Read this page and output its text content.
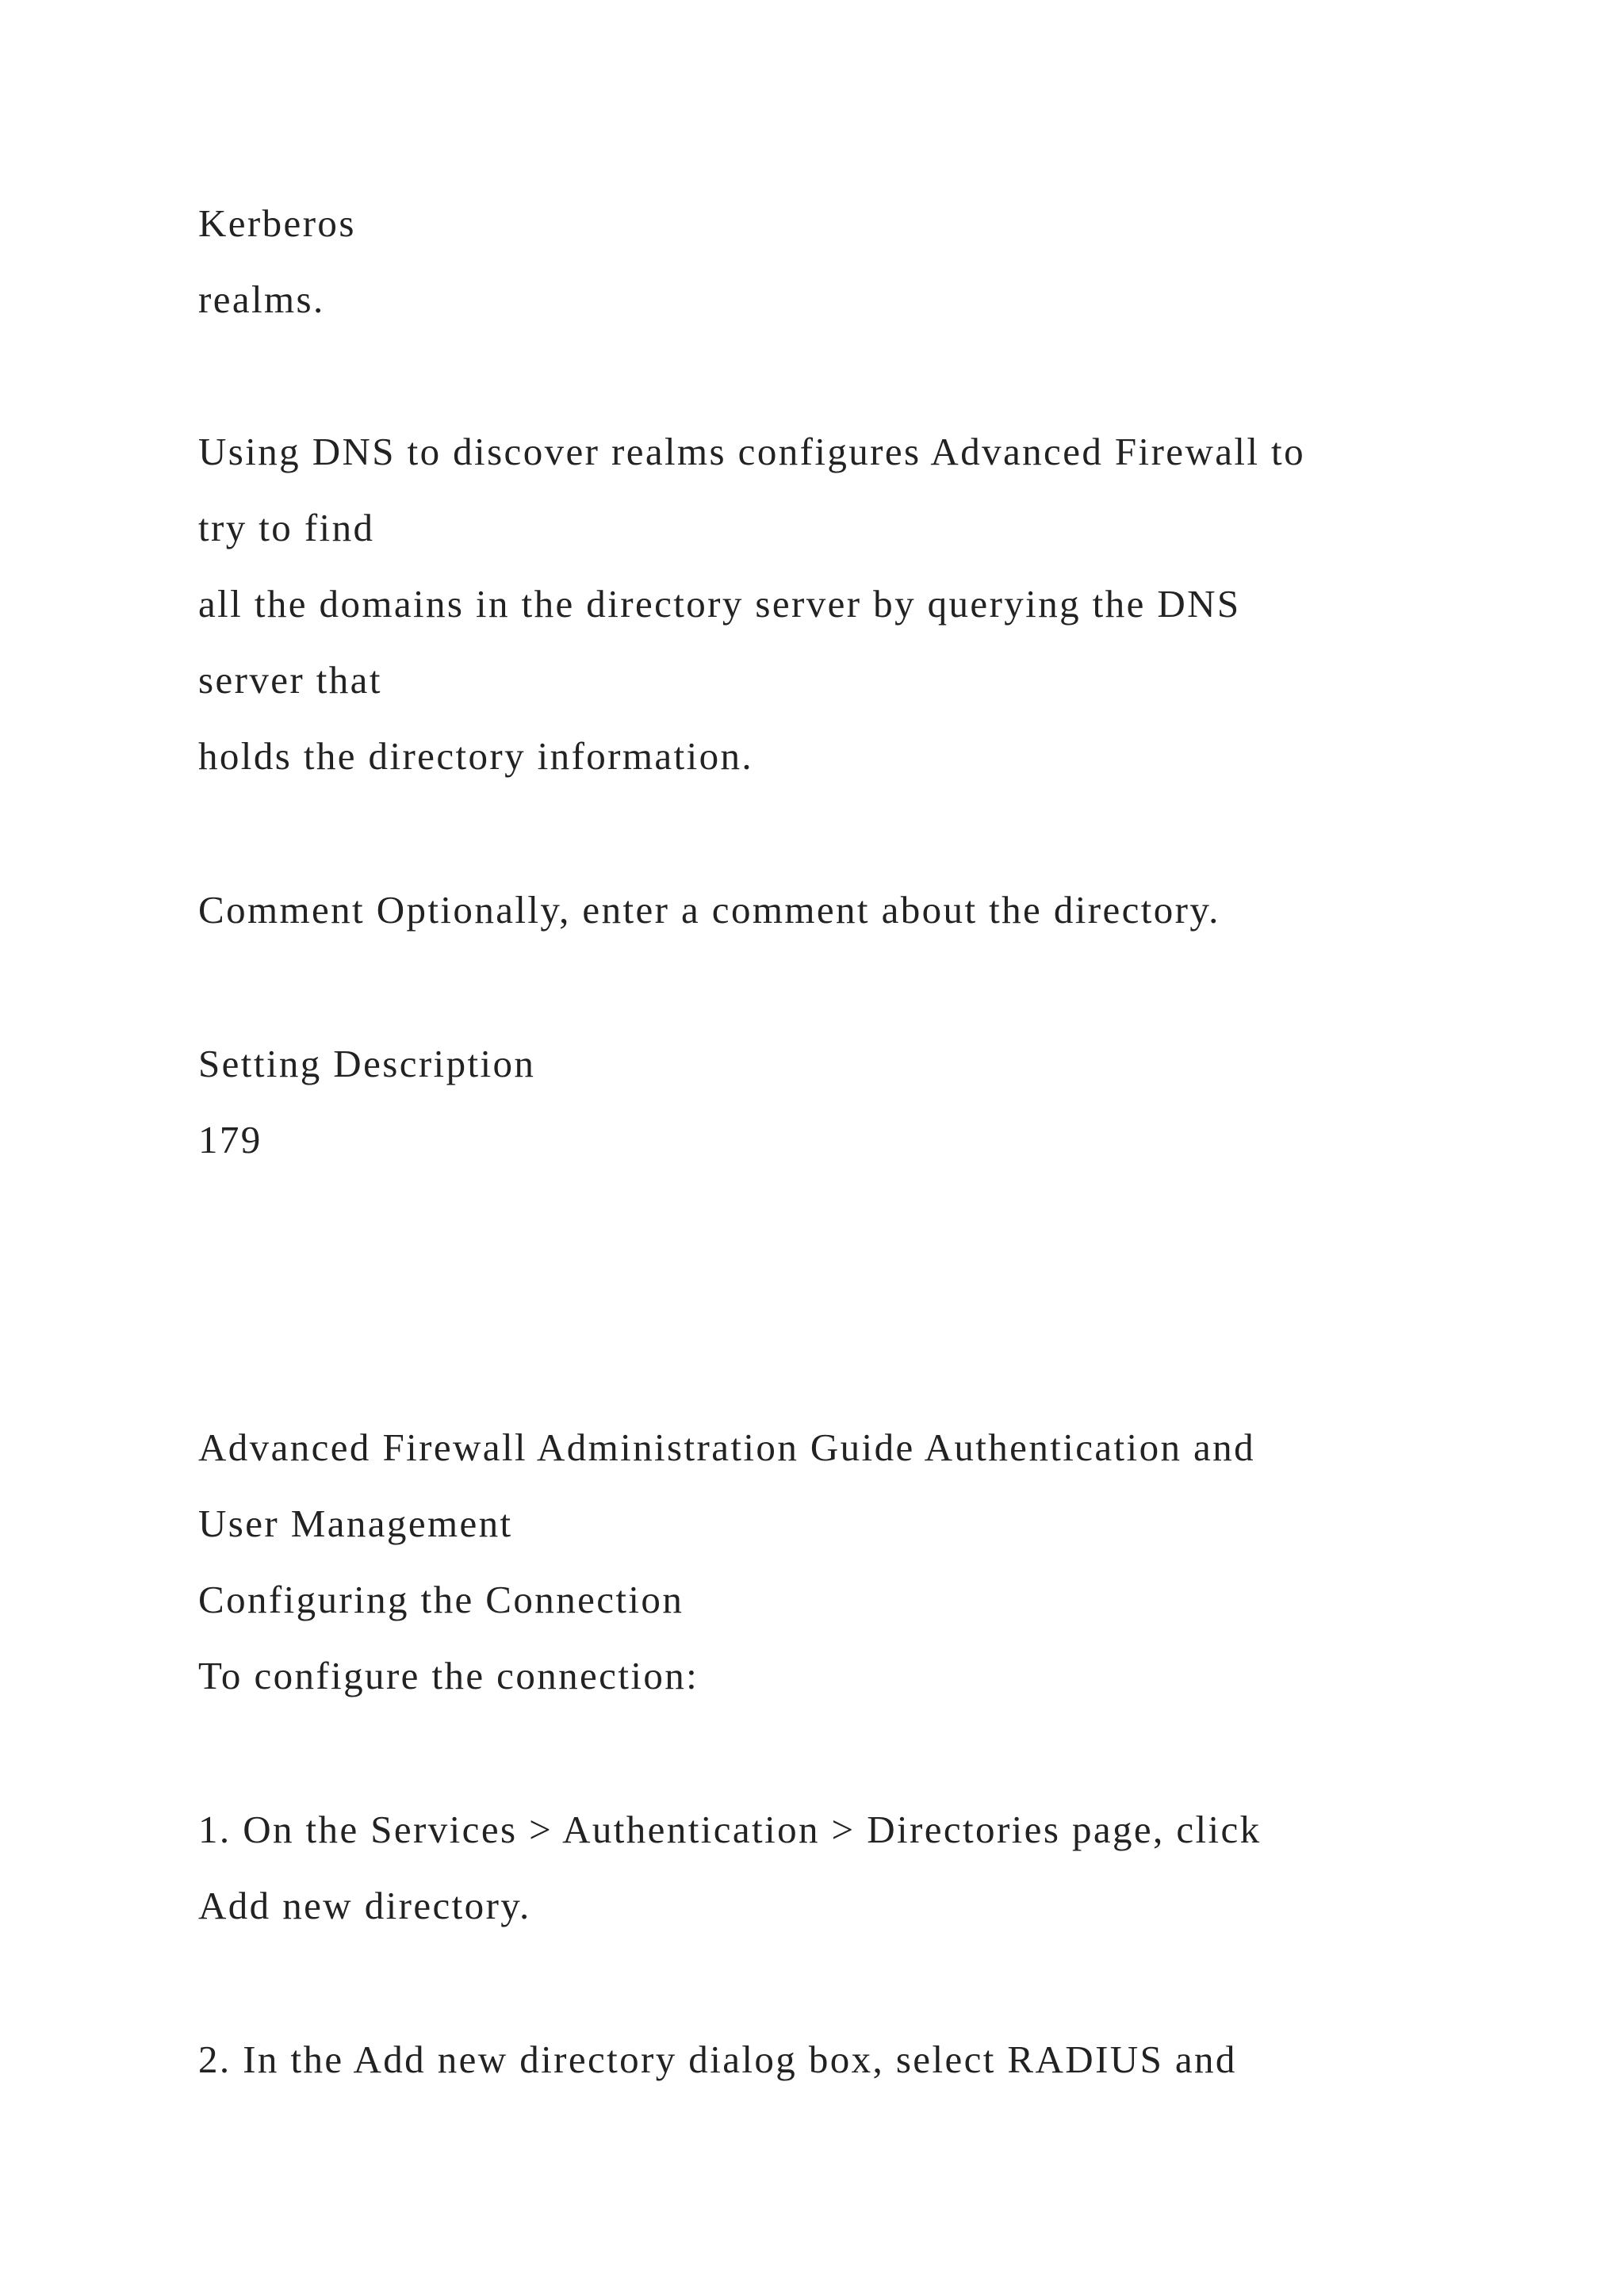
Kerberos
realms.
Using DNS to discover realms configures Advanced Firewall to
try to find
all the domains in the directory server by querying the DNS
server that
holds the directory information.
Comment Optionally, enter a comment about the directory.
Setting Description
179
Advanced Firewall Administration Guide Authentication and
User Management
Configuring the Connection
To configure the connection:
1. On the Services > Authentication > Directories page, click
Add new directory.
2. In the Add new directory dialog box, select RADIUS and
